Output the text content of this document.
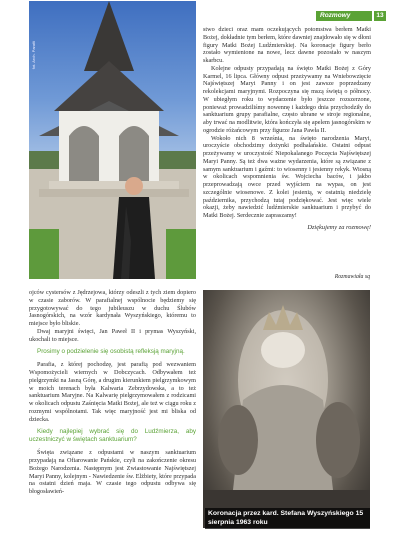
Rozmowy	13
fot. Arch. Parafii

stwo dzieci oraz mam oczekujących potomstwa berłem Matki Bożej, dokładnie tym berłem, które dawniej znajdowało się w dłoni figury Matki Bożej Ludźmierskiej. Na koronacje figury berło zostało wymienione na nowe, lecz dawne pozostało w naszym skarbcu.

Kolejne odpusty przypadają na święto Matki Bożej z Góry Karmel, 16 lipca. Główny odpust przeżywamy na Wniebowzięcie Najświętszej Maryi Panny i on jest zawsze poprzedzany rekolekcjami maryjnymi. Rozpoczyna się mszą świętą o północy. W ubiegłym roku to wydarzenie było jeszcze rozszerzone, ponieważ prowadziliśmy nowennę i każdego dnia przychodziły do sanktuarium grupy parafialne, często ubrane w stroje regionalne, aby trwać na modlitwie, która kończyła się apelem jasnogórskim w ogrodzie różańcowym przy figurze Jana Pawła II.

Wokoło nich 8 września, na święto narodzenia Maryi, uroczyście obchodzimy dożynki podhalańskie. Ostatni odpust przeżywamy w uroczystość Niepokalanego Poczęcia Najświętszej Maryi Panny. Są też dwa ważne wydarzenia, które są związane z samym sanktuarium i gaźmi: to wiosenny i jesienny rekyk. Wiosną w okolicach wspomnienia św. Wojciecha baców, i jakbo przeprowadzają owce przed wyjściem na wypas, on jest szczególnie wiosenowe. Z kolei jesienią, w ostatnią niedzielę października, przychodzą tutaj podziękować. Jest więc wiele okazji, żeby nawiedzić ludźmierskie sanktuarium i przybyć do Matki Bożej. Serdecznie zapraszamy!

Dziękujemy za rozmowę!
Rozmawiała sq

ojców cystersów z Jędrzejowa, którzy odeszli z tych ziem dopiero w czasie zaborów. W parafialnej wspólnocie będziemy się przygotowywać do tego jubileuszu w duchu Ślubów Jasnogórskich, na wzór kardynała Wyszyńskiego, któremu to miejsce było bliskie.

Dwaj maryjni święci, Jan Paweł II i prymas Wyszyński, ukochali to miejsce.

Prosimy o podzielenie się osobistą refleksją maryjną.

Parafia, z której pochodzę, jest parafią pod wezwaniem Wspomożycieli wiernych w Dobczycach. Odbywałem też pielgrzymki na Jasną Górę, a drugim kierunkiem pielgrzymkowym w moich terenach była Kalwaria Zebrzydowska, a to też sanktuarium Maryjne. Na Kalwarię pielgrzymowałem z rodzicami w okolicach odpustu Zaśnięcia Matki Bożej, ale też w ciągu roku z rozmymi wspólnotami. Tak więc maryjność jest mi bliska od dziecka.

Kiedy najlepiej wybrać się do Ludźmierza, aby uczestniczyć w świętach sanktuarium?

Święta związane z odpustami w naszym sanktuarium przypadają na Ofiarowanie Pańskie, czyli na zakończenie okresu Bożego Narodzenia. Następnym jest Zwiastowanie Najświętszej Maryi Panny, kolejnym - Nawiedzenie św. Elżbiety, które przypada na ostatni dzień maja. W czasie tego odpustu odbywa się błogosławień-

Koronacja przez kard. Stefana Wyszyńskiego 15 sierpnia 1963 roku
